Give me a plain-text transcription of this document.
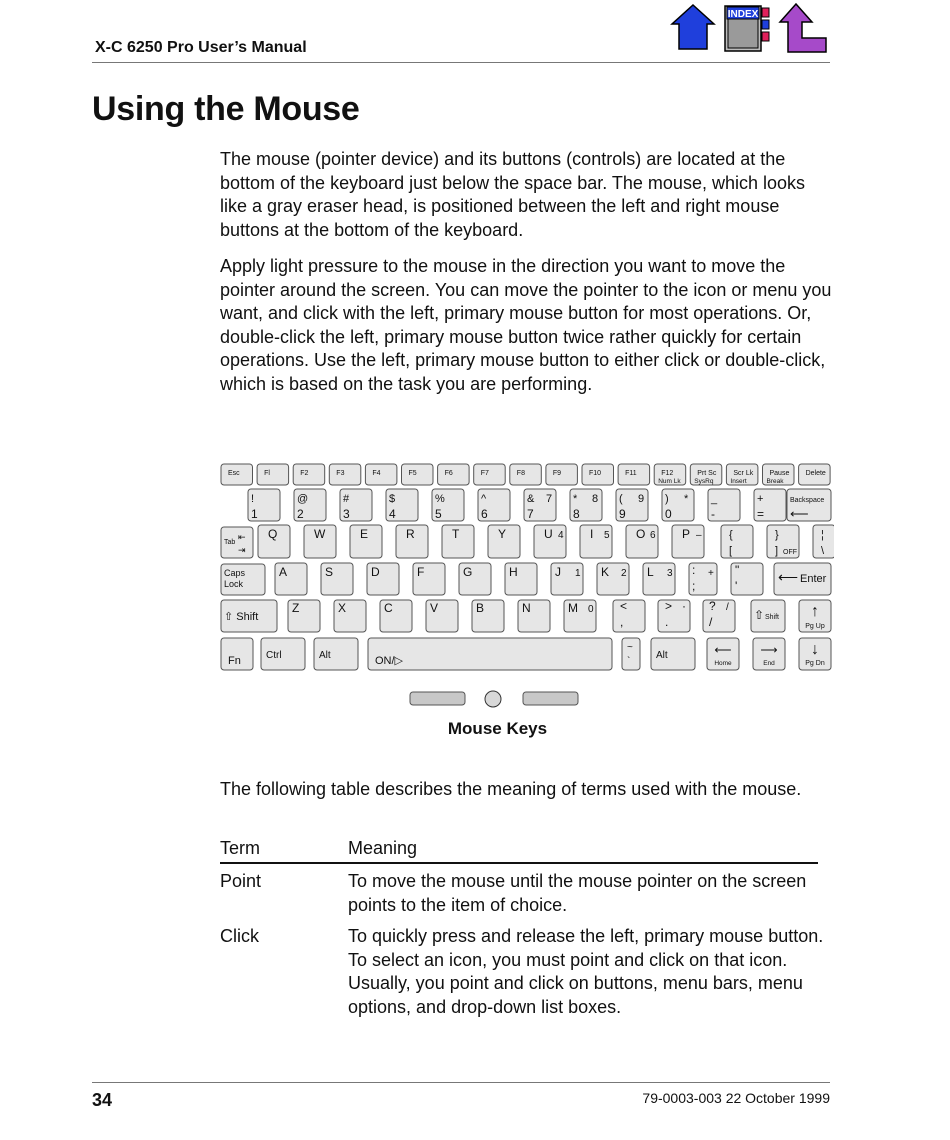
X-C 6250 Pro User’s Manual
INDEX
Using the Mouse

The mouse (pointer device) and its buttons (controls) are located at the bottom of the keyboard just below the space bar. The mouse, which looks like a gray eraser head, is positioned between the left and right mouse buttons at the bottom of the keyboard.

Apply light pressure to the mouse in the direction you want to move the pointer around the screen. You can move the pointer to the icon or menu you want, and click with the left, primary mouse button for most operations. Or, double-click the left, primary mouse button twice rather quickly for certain operations. Use the left, primary mouse button to either click or double-click, which is based on the task you are performing.

Esc	Fl	F2	F3	F4	F5	F6	F7	F8	F9	F10	F11	F12
Num Lk
Prt Sc
SysRq
Scr Lk
Insert
Pause
Break
Delete
!
1
@
2
#
3
$
4
%
5
^
6
&
7
7 *
8
8 (
9
9 )
0
* _
-
+
=
Backspace
⟵
Tab
⇤
⇥
Q	W	E	R	T	Y	U 4 I 5 O 6 P – {
[
}
] OFF
¦
\
Caps
Lock
A	S	D	F	G	H	J 1 K 2 L 3 :
;
+ "
'
⟵ Enter
⇧ Shift
Z	X	C	V	B	N	M 0 <
,
>
.
· ?
/
/
⇧ Shift ↑
Pg Up
Fn	Ctrl	Alt	ON/▷
~
`
Alt	⟵
Home
⟶
End
↓
Pg Dn
Mouse Keys

The following table describes the meaning of terms used with the mouse.

Term	Meaning
Point	To move the mouse until the mouse pointer on the screen points to the item of choice.
Click	To quickly press and release the left, primary mouse button. To select an icon, you must point and click on that icon. Usually, you point and click on buttons, menu bars, menu options, and drop-down list boxes.
34	79-0003-003 22 October 1999
